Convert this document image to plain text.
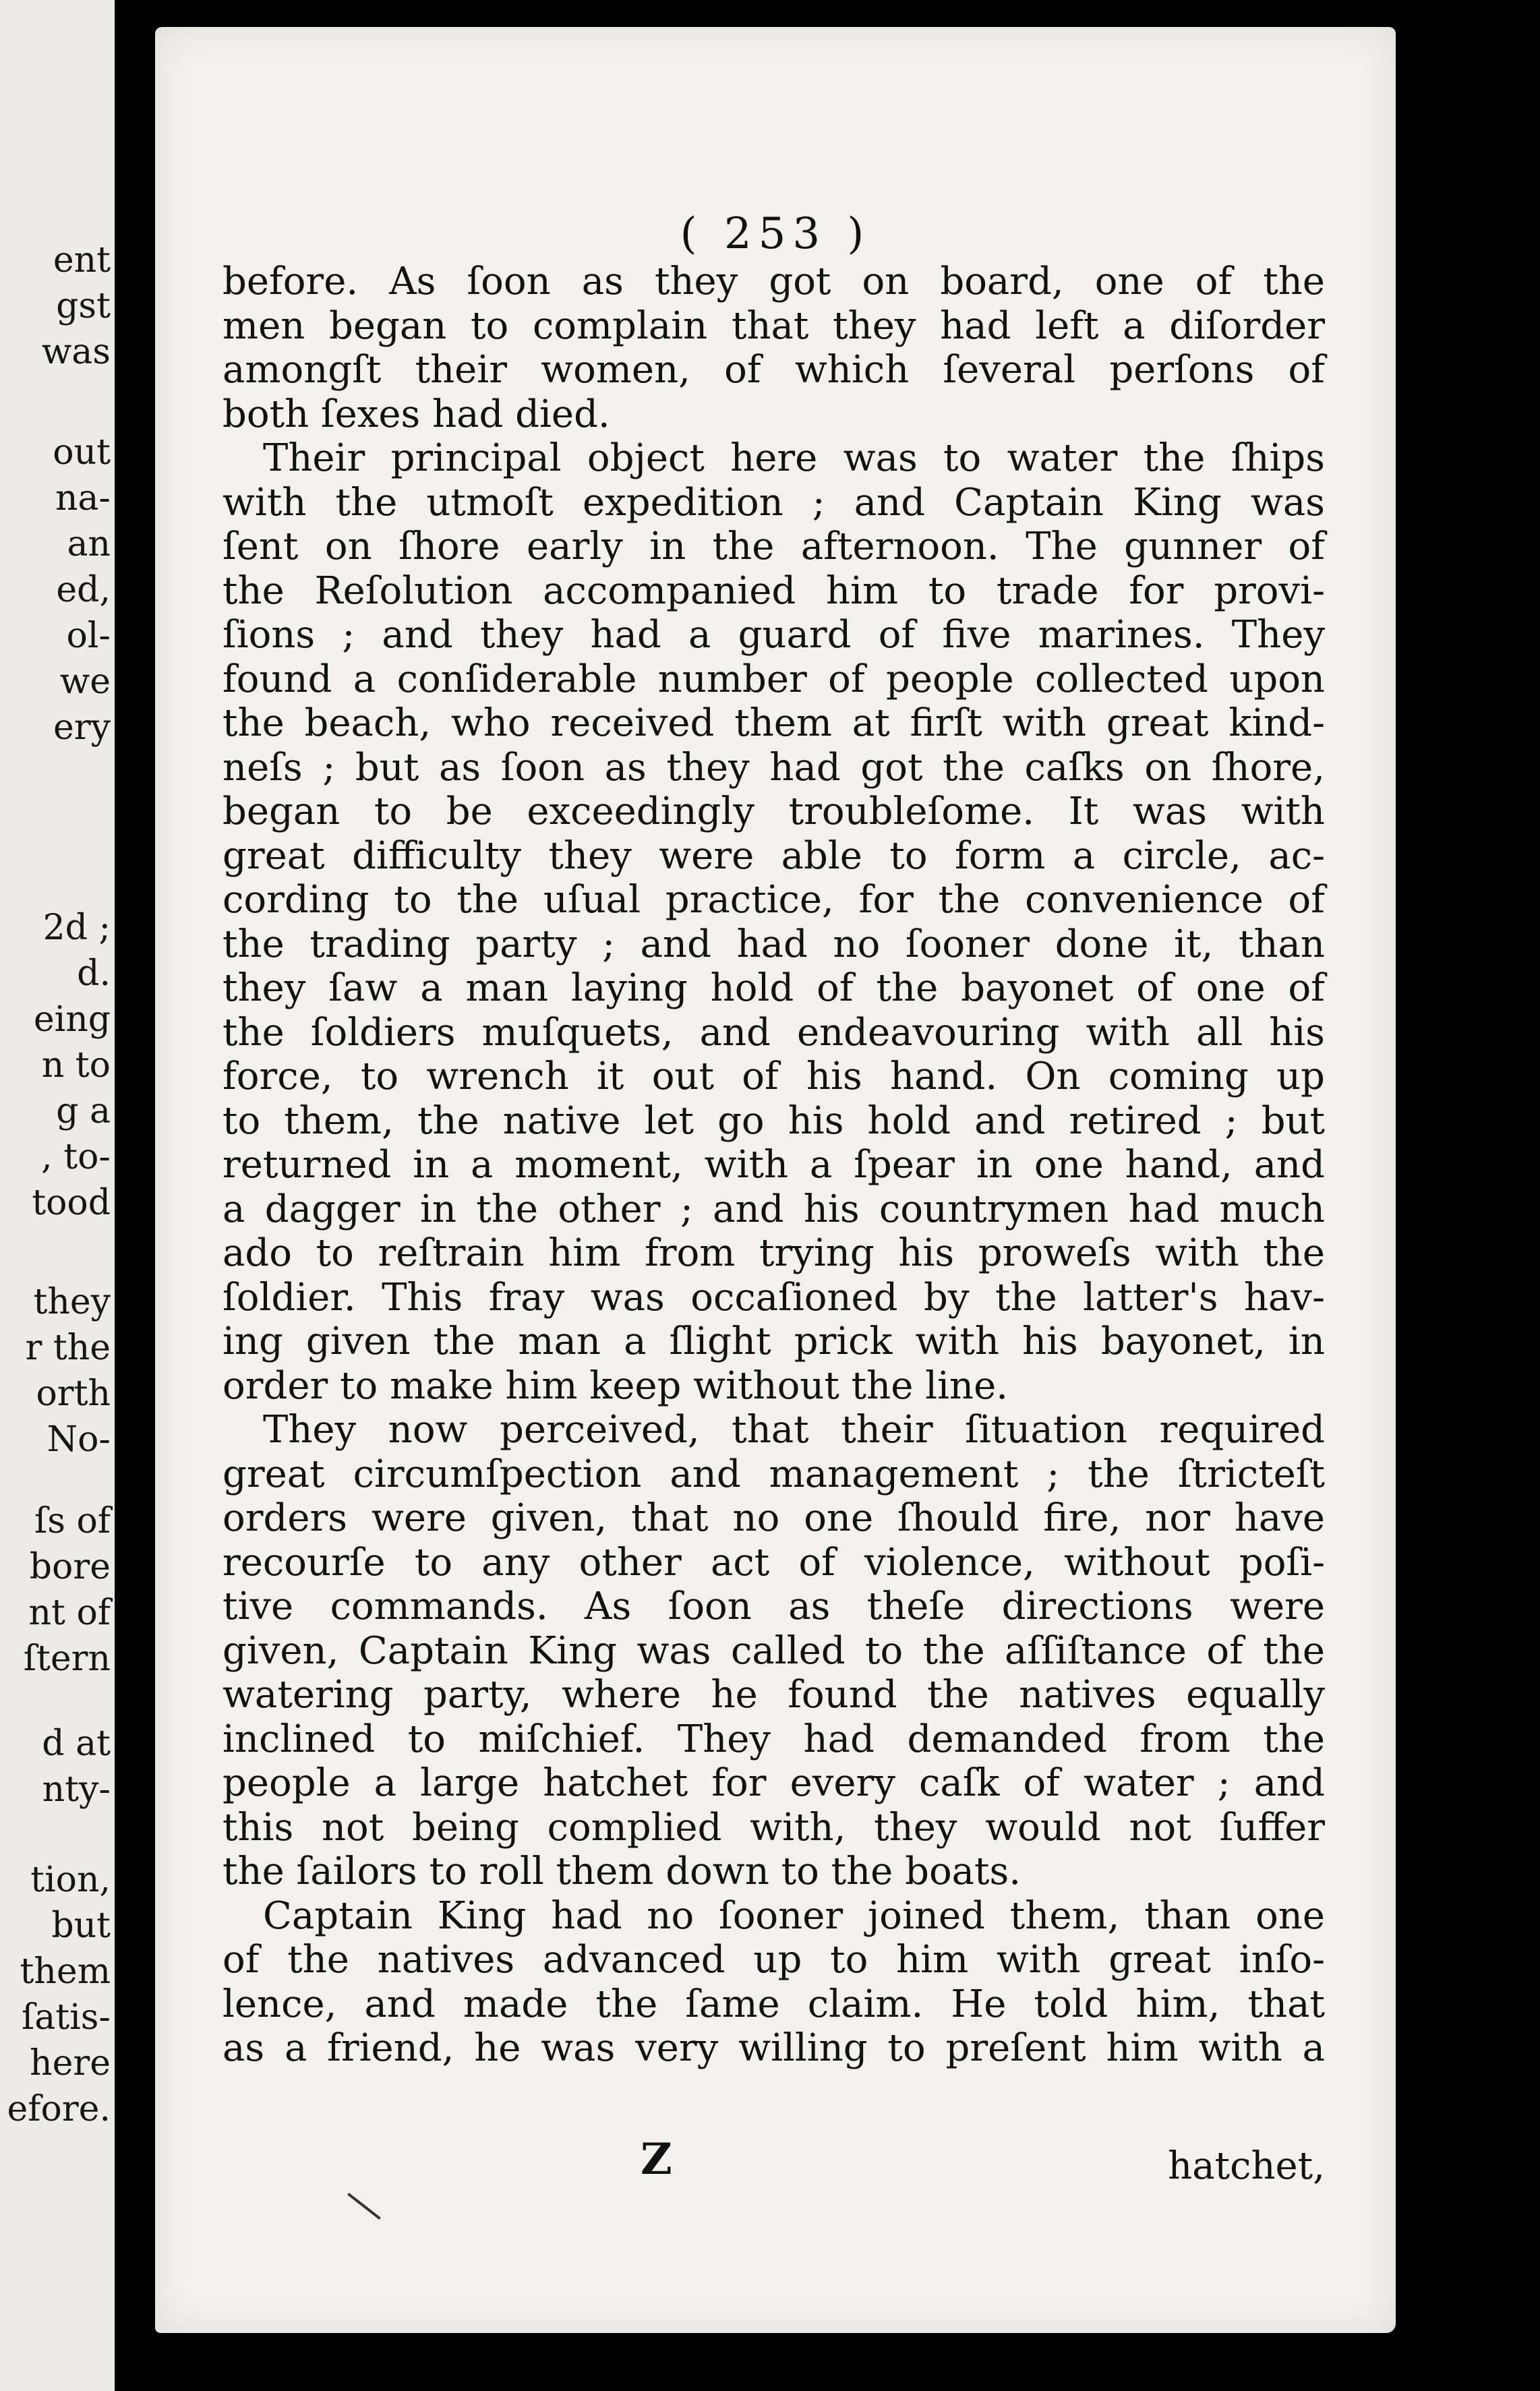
ent
gst
was
out
na-
an
ed,
ol-
we
ery
2d ;
d.
eing
n to
g a
, to-
tood
they
r the
orth
No-
ſs of
bore
nt of
ſtern
d at
nty-
tion,
but
them
ſatis-
here
efore.
( 253 )
before. As ſoon as they got on board, one of the
men began to complain that they had left a diſorder
amongſt their women, of which ſeveral perſons of
both ſexes had died.
Their principal object here was to water the ſhips
with the utmoſt expedition ; and Captain King was
ſent on ſhore early in the afternoon. The gunner of
the Reſolution accompanied him to trade for provi-
ſions ; and they had a guard of five marines. They
found a conſiderable number of people collected upon
the beach, who received them at firſt with great kind-
neſs ; but as ſoon as they had got the caſks on ſhore,
began to be exceedingly troubleſome. It was with
great difficulty they were able to form a circle, ac-
cording to the uſual practice, for the convenience of
the trading party ; and had no ſooner done it, than
they ſaw a man laying hold of the bayonet of one of
the ſoldiers muſquets, and endeavouring with all his
force, to wrench it out of his hand. On coming up
to them, the native let go his hold and retired ; but
returned in a moment, with a ſpear in one hand, and
a dagger in the other ; and his countrymen had much
ado to reſtrain him from trying his proweſs with the
ſoldier. This fray was occaſioned by the latter's hav-
ing given the man a ſlight prick with his bayonet, in
order to make him keep without the line.
They now perceived, that their ſituation required
great circumſpection and management ; the ſtricteſt
orders were given, that no one ſhould fire, nor have
recourſe to any other act of violence, without poſi-
tive commands. As ſoon as theſe directions were
given, Captain King was called to the aſſiſtance of the
watering party, where he found the natives equally
inclined to miſchief. They had demanded from the
people a large hatchet for every caſk of water ; and
this not being complied with, they would not ſuffer
the ſailors to roll them down to the boats.
Captain King had no ſooner joined them, than one
of the natives advanced up to him with great inſo-
lence, and made the ſame claim. He told him, that
as a friend, he was very willing to preſent him with a
Z	hatchet,
